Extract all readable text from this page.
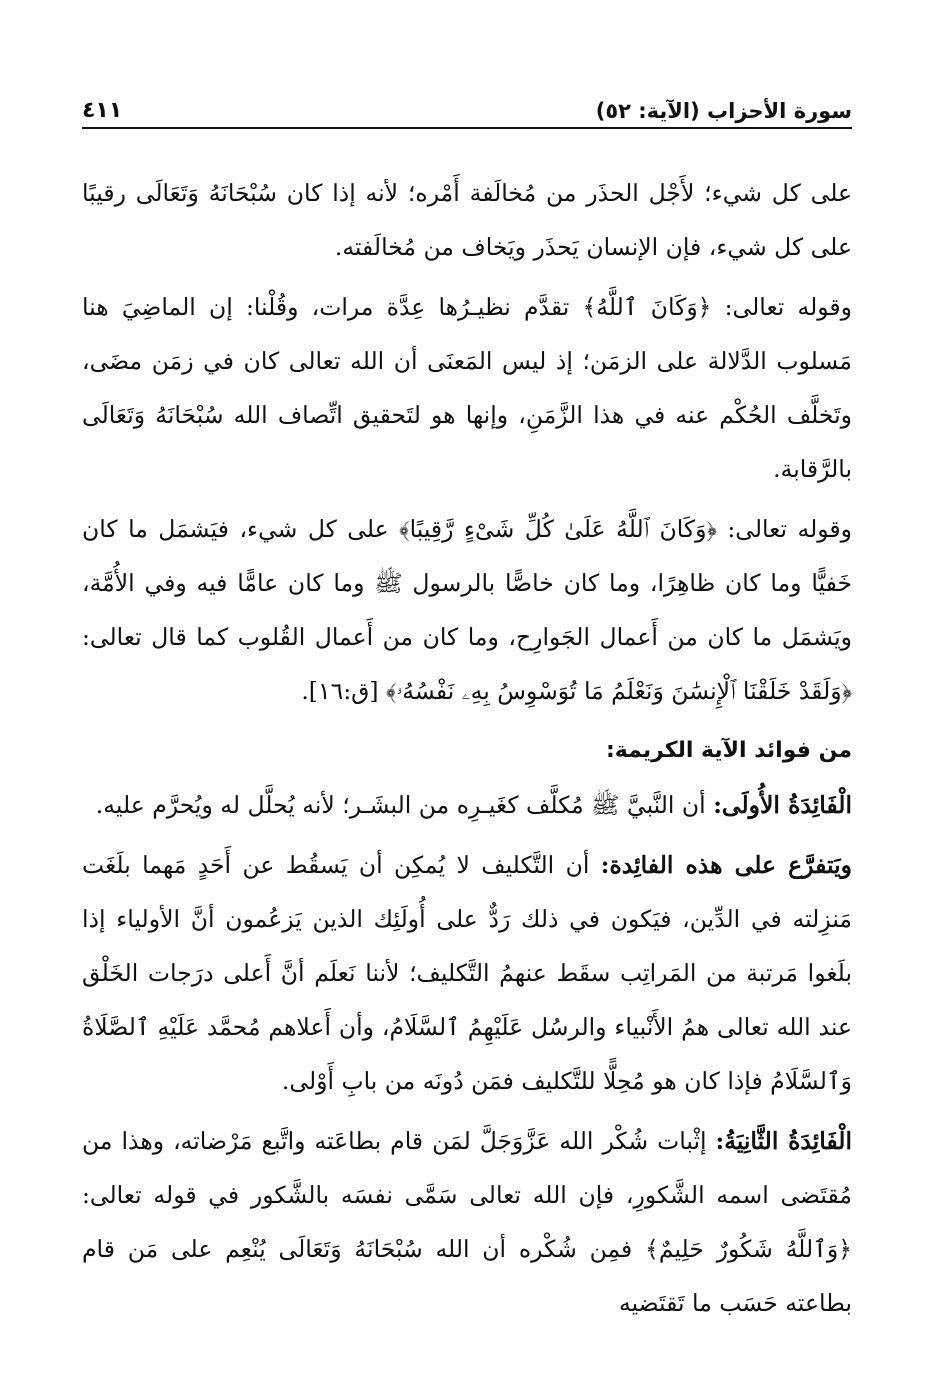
سورة الأحزاب (الآية: ٥٢)
٤١١

على كل شيء؛ لأَجْل الحذَر من مُخالَفة أَمْره؛ لأنه إذا كان سُبْحَانَهُ وَتَعَالَى رقيبًا على كل شيء، فإن الإنسان يَحذَر ويَخاف من مُخالَفته.

وقوله تعالى: ﴿وَكَانَ ٱللَّهُ﴾ تقدَّم نظيـرُها عِدَّة مرات، وقُلْنا: إن الماضِيَ هنا مَسلوب الدَّلالة على الزمَن؛ إذ ليس المَعنَى أن الله تعالى كان في زمَن مضَى، وتَخلَّف الحُكْم عنه في هذا الزَّمَنِ، وإنها هو لتَحقيق اتِّصاف الله سُبْحَانَهُ وَتَعَالَى بالرَّقابة.

وقوله تعالى: ﴿وَكَانَ ٱللَّهُ عَلَىٰ كُلِّ شَىْءٍ رَّقِيبًا﴾ على كل شيء، فيَشمَل ما كان خَفيًّا وما كان ظاهِرًا، وما كان خاصًّا بالرسول ﷺ وما كان عامًّا فيه وفي الأُمَّة، ويَشمَل ما كان من أَعمال الجَوارِح، وما كان من أَعمال القُلوب كما قال تعالى: ﴿وَلَقَدْ خَلَقْنَا ٱلْإِنسَٰنَ وَنَعْلَمُ مَا تُوَسْوِسُ بِهِۦ نَفْسُهُۥ﴾ [ق:١٦].

من فوائد الآية الكريمة:

الْفَائِدَةُ الأُولَى: أن النَّبيَّ ﷺ مُكلَّف كغَيـرِه من البشَـر؛ لأنه يُحلَّل له ويُحرَّم عليه.

ويَتفرَّع على هذه الفائِدة: أن التَّكليف لا يُمكِن أن يَسقُط عن أَحَدٍ مَهما بلَغَت مَنزِلته في الدِّين، فيَكون في ذلك رَدٌّ على أُولَئِك الذين يَزعُمون أنَّ الأولياء إذا بلَغوا مَرتبة من المَراتِب سقَط عنهمُ التَّكليف؛ لأننا نَعلَم أنَّ أَعلى درَجات الخَلْق عند الله تعالى همُ الأَنْبياء والرسُل عَلَيْهِمُ ٱلسَّلَامُ، وأن أَعلاهم مُحمَّد عَلَيْهِ ٱلصَّلَاةُ وَٱلسَّلَامُ فإذا كان هو مُحِلًّا للتَّكليف فمَن دُونَه من بابِ أَوْلى.

الْفَائِدَةُ الثَّانِيَةُ: إثْبات شُكْر الله عَزَّوَجَلَّ لمَن قام بطاعَته واتَّبع مَرْضاته، وهذا من مُقتَضى اسمه الشَّكورِ، فإن الله تعالى سَمَّى نفسَه بالشَّكور في قوله تعالى: ﴿وَٱللَّهُ شَكُورٌ حَلِيمٌ﴾ فمِن شُكْره أن الله سُبْحَانَهُ وَتَعَالَى يُنْعِم على مَن قام بطاعته حَسَب ما تَقتَضيه
